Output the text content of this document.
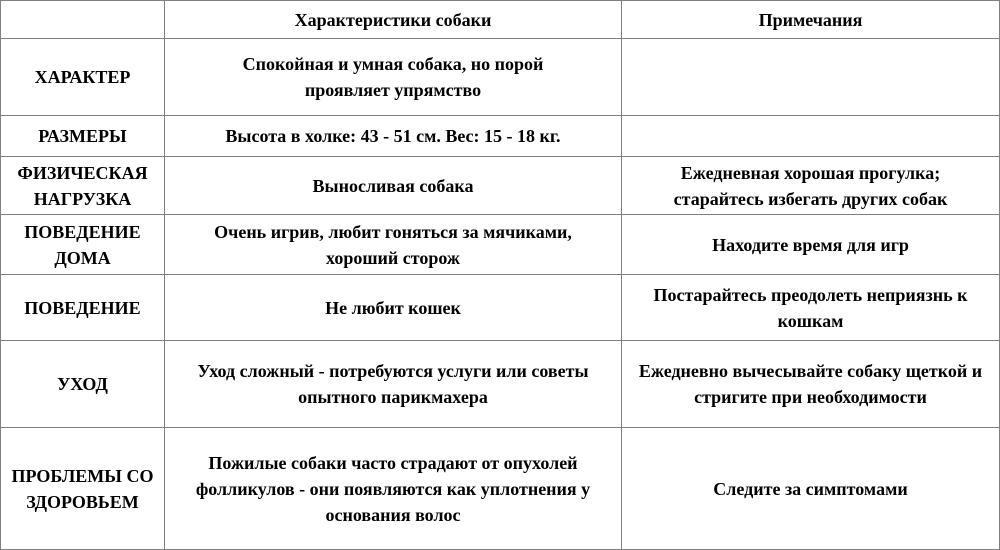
	Характеристики собаки	Примечания
ХАРАКТЕР	Спокойная и умная собака, но порой проявляет упрямство	
РАЗМЕРЫ	Высота в холке: 43 - 51 см. Вес: 15 - 18 кг.	
ФИЗИЧЕСКАЯ НАГРУЗКА	Выносливая собака	Ежедневная хорошая прогулка; старайтесь избегать других собак
ПОВЕДЕНИЕ ДОМА	Очень игрив, любит гоняться за мячиками, хороший сторож	Находите время для игр
ПОВЕДЕНИЕ	Не любит кошек	Постарайтесь преодолеть неприязнь к кошкам
УХОД	Уход сложный - потребуются услуги или советы опытного парикмахера	Ежедневно вычесывайте собаку щеткой и стригите при необходимости
ПРОБЛЕМЫ СО ЗДОРОВЬЕМ	Пожилые собаки часто страдают от опухолей фолликулов - они появляются как уплотнения у основания волос	Следите за симптомами
